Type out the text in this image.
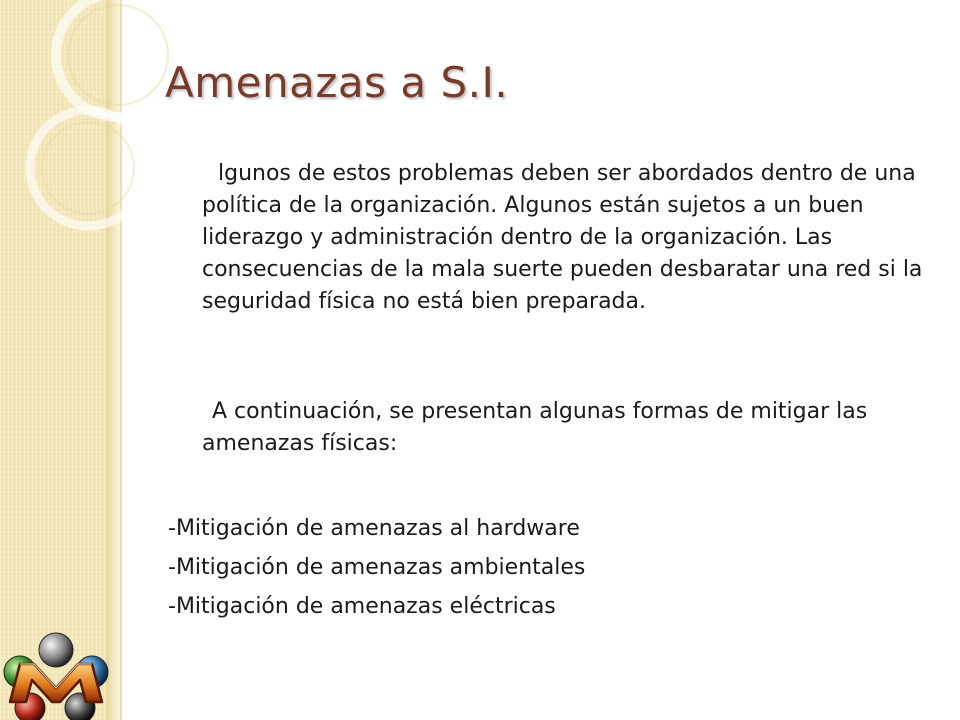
Amenazas a S.I.

lgunos de estos problemas deben ser abordados dentro de una política de la organización. Algunos están sujetos a un buen liderazgo y administración dentro de la organización. Las consecuencias de la mala suerte pueden desbaratar una red si la seguridad física no está bien preparada.

A continuación, se presentan algunas formas de mitigar las amenazas físicas:

-Mitigación de amenazas al hardware
-Mitigación de amenazas ambientales
-Mitigación de amenazas eléctricas
